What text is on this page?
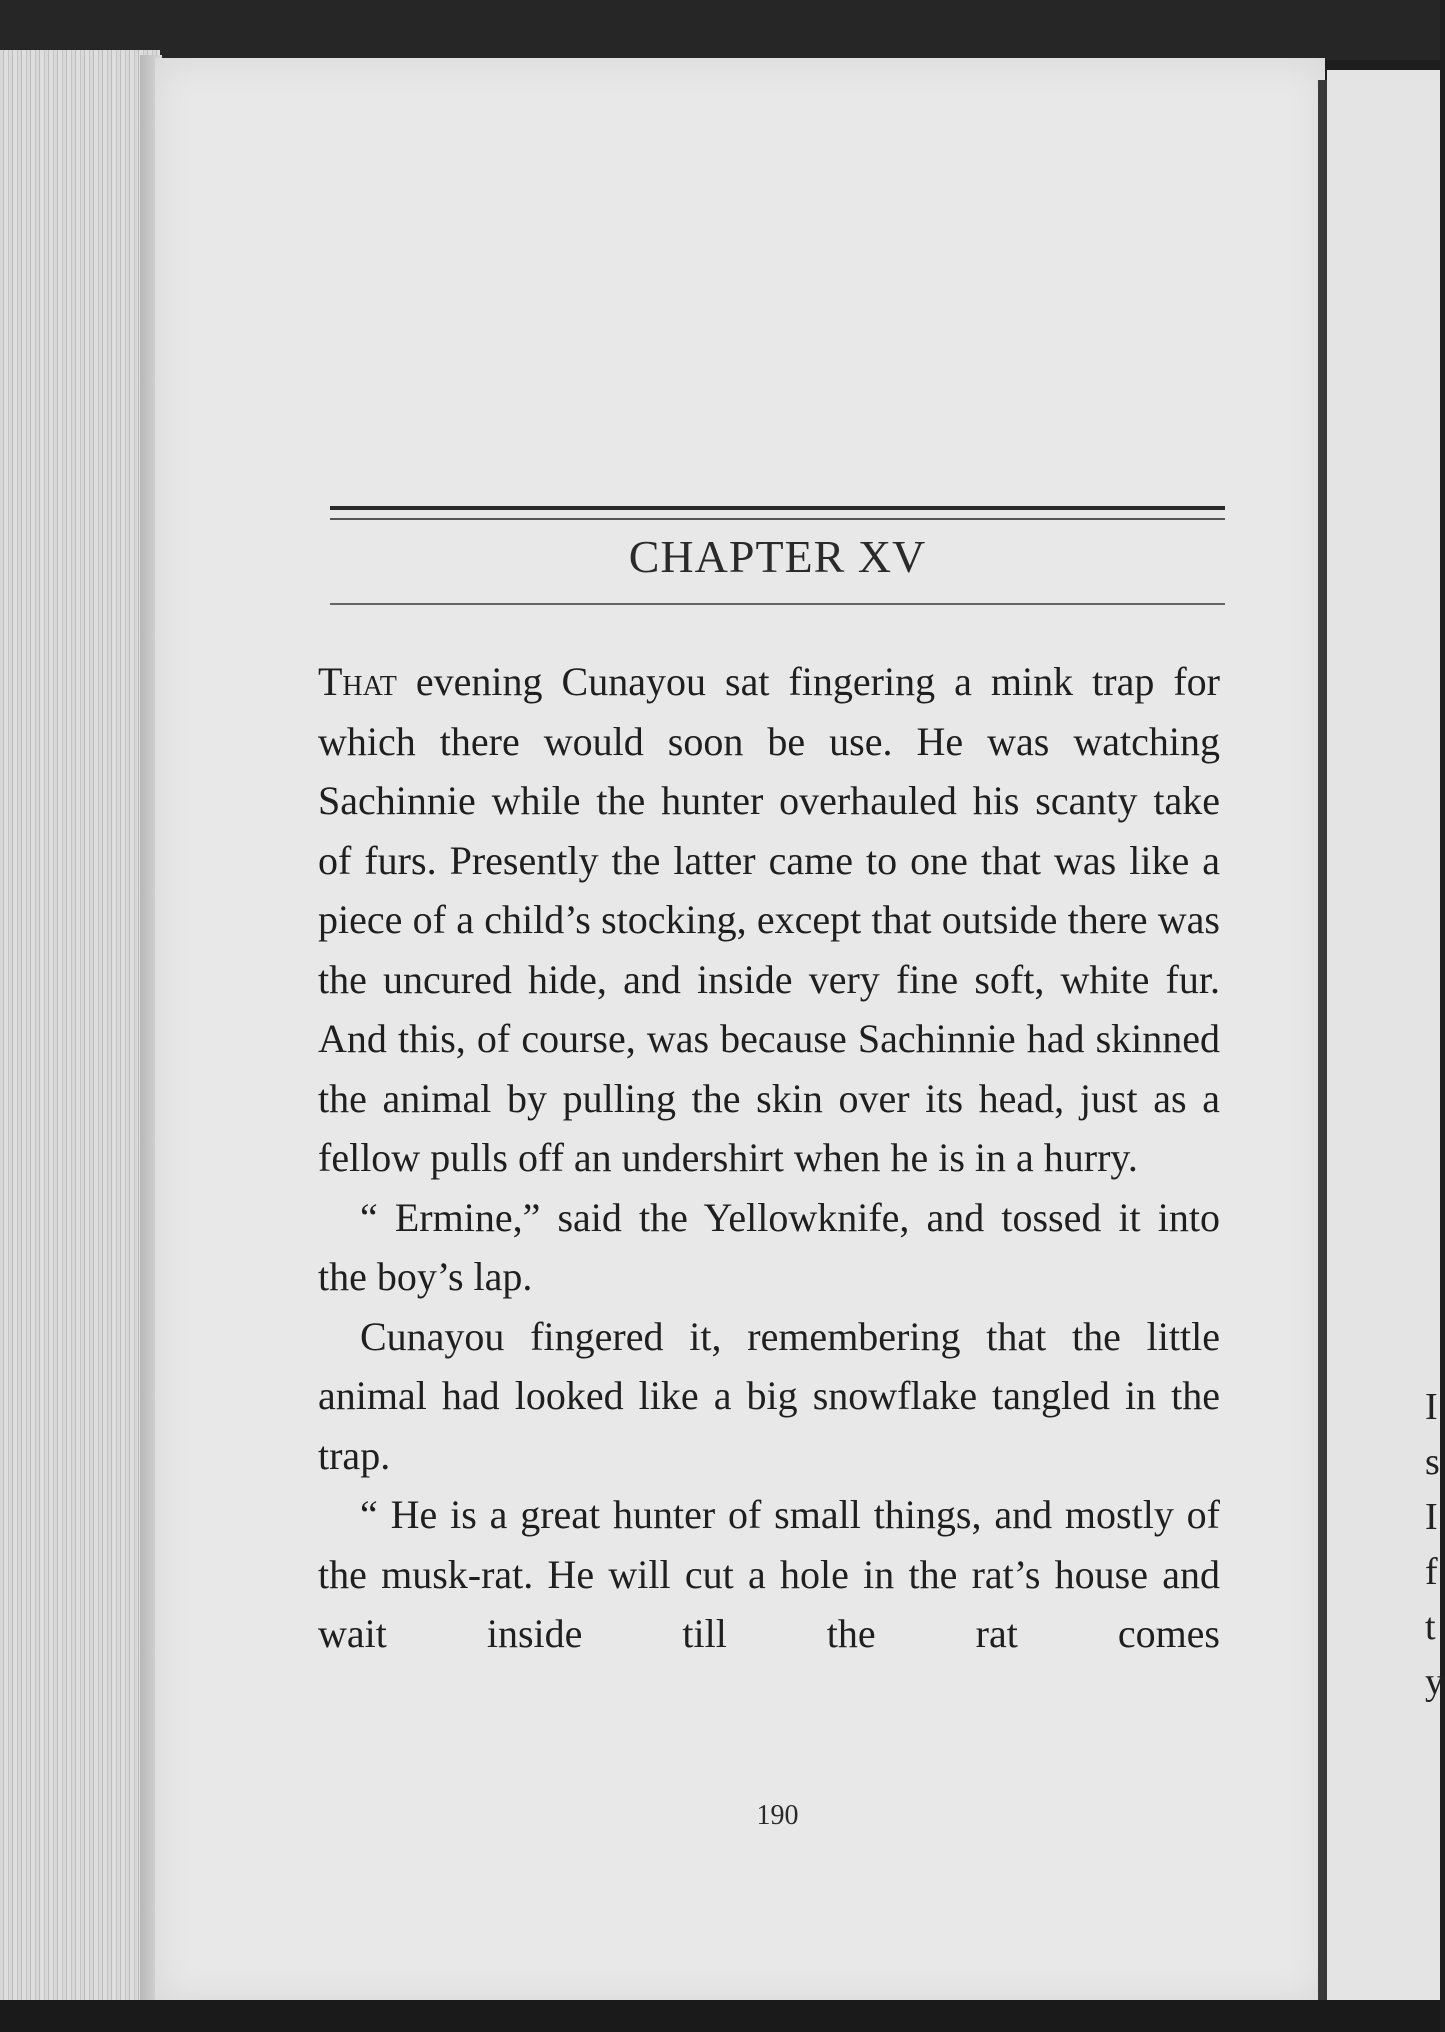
CHAPTER XV

That evening Cunayou sat fingering a mink trap for which there would soon be use. He was watching Sachinnie while the hunter overhauled his scanty take of furs. Presently the latter came to one that was like a piece of a child’s stocking, except that outside there was the uncured hide, and inside very fine soft, white fur. And this, of course, was because Sachinnie had skinned the animal by pulling the skin over its head, just as a fellow pulls off an undershirt when he is in a hurry.

“ Ermine,” said the Yellowknife, and tossed it into the boy’s lap.

Cunayou fingered it, remembering that the little animal had looked like a big snowflake tangled in the trap.

“ He is a great hunter of small things, and mostly of the musk-rat. He will cut a hole in the rat’s house and wait inside till the rat comes

190
I
s
I
f
t
y
